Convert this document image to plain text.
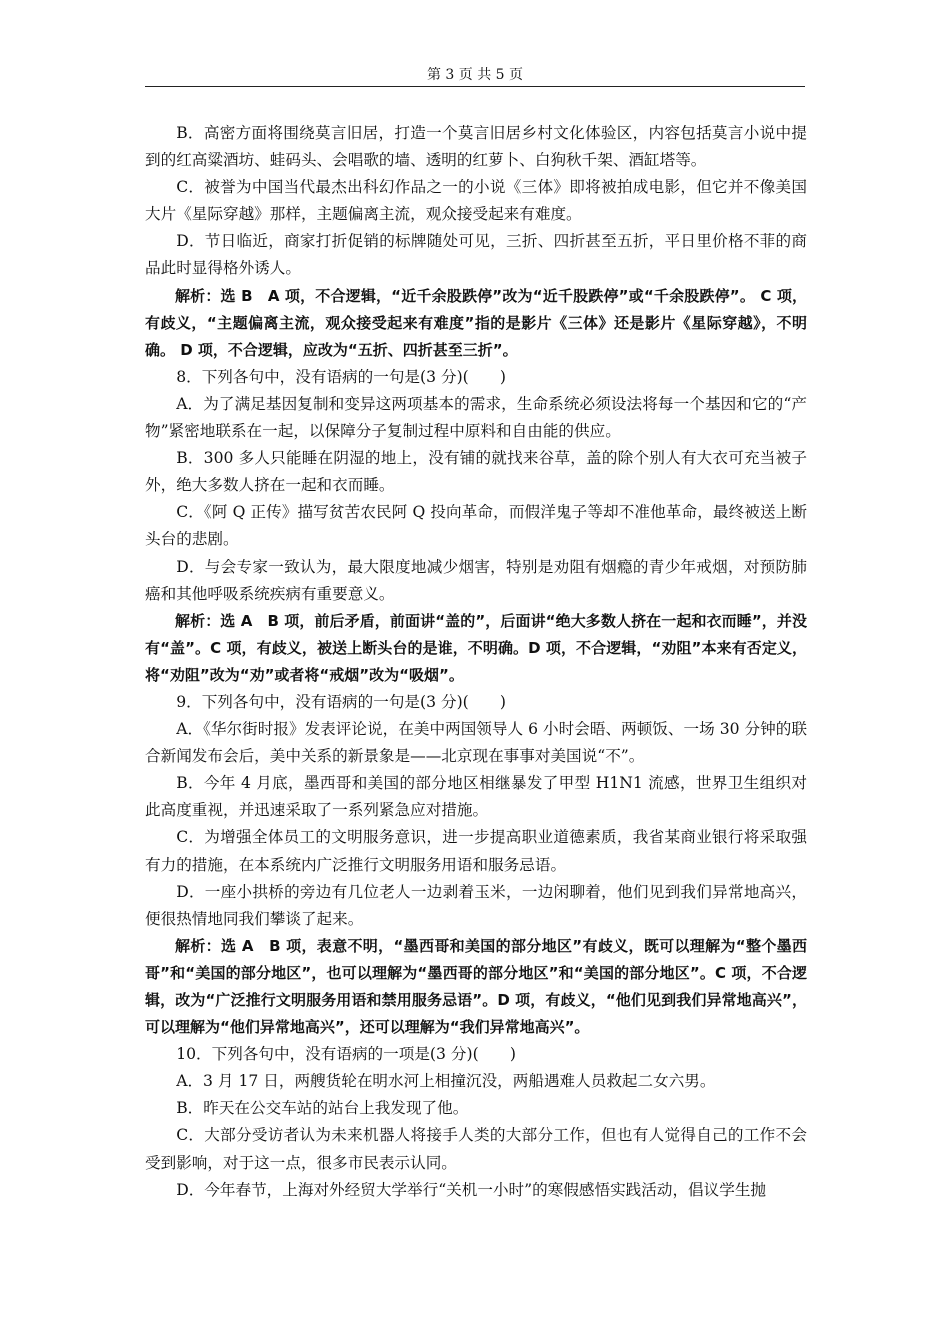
第 3 页 共 5 页

B．高密方面将围绕莫言旧居，打造一个莫言旧居乡村文化体验区，内容包括莫言小说中提到的红高粱酒坊、蛙码头、会唱歌的墙、透明的红萝卜、白狗秋千架、酒缸塔等。

C．被誉为中国当代最杰出科幻作品之一的小说《三体》即将被拍成电影，但它并不像美国大片《星际穿越》那样，主题偏离主流，观众接受起来有难度。

D．节日临近，商家打折促销的标牌随处可见，三折、四折甚至五折，平日里价格不菲的商品此时显得格外诱人。

解析：选 B　A 项，不合逻辑，“近千余股跌停”改为“近千股跌停”或“千余股跌停”。 C 项，有歧义，“主题偏离主流，观众接受起来有难度”指的是影片《三体》还是影片《星际穿越》，不明确。 D 项，不合逻辑，应改为“五折、四折甚至三折”。

8．下列各句中，没有语病的一句是(3 分)(　　)

A．为了满足基因复制和变异这两项基本的需求，生命系统必须设法将每一个基因和它的“产物”紧密地联系在一起，以保障分子复制过程中原料和自由能的供应。

B．300 多人只能睡在阴湿的地上，没有铺的就找来谷草，盖的除个别人有大衣可充当被子外，绝大多数人挤在一起和衣而睡。

C．《阿 Q 正传》描写贫苦农民阿 Q 投向革命，而假洋鬼子等却不准他革命，最终被送上断头台的悲剧。

D．与会专家一致认为，最大限度地减少烟害，特别是劝阻有烟瘾的青少年戒烟，对预防肺癌和其他呼吸系统疾病有重要意义。

解析：选 A　B 项，前后矛盾，前面讲“盖的”，后面讲“绝大多数人挤在一起和衣而睡”，并没有“盖”。C 项，有歧义，被送上断头台的是谁，不明确。D 项，不合逻辑，“劝阻”本来有否定义，将“劝阻”改为“劝”或者将“戒烟”改为“吸烟”。

9．下列各句中，没有语病的一句是(3 分)(　　)

A．《华尔街时报》发表评论说，在美中两国领导人 6 小时会晤、两顿饭、一场 30 分钟的联合新闻发布会后，美中关系的新景象是——北京现在事事对美国说“不”。

B．今年 4 月底，墨西哥和美国的部分地区相继暴发了甲型 H1N1 流感，世界卫生组织对此高度重视，并迅速采取了一系列紧急应对措施。

C．为增强全体员工的文明服务意识，进一步提高职业道德素质，我省某商业银行将采取强有力的措施，在本系统内广泛推行文明服务用语和服务忌语。

D．一座小拱桥的旁边有几位老人一边剥着玉米，一边闲聊着，他们见到我们异常地高兴，便很热情地同我们攀谈了起来。

解析：选 A　B 项，表意不明，“墨西哥和美国的部分地区”有歧义，既可以理解为“整个墨西哥”和“美国的部分地区”，也可以理解为“墨西哥的部分地区”和“美国的部分地区”。C 项，不合逻辑，改为“广泛推行文明服务用语和禁用服务忌语”。D 项，有歧义，“他们见到我们异常地高兴”，可以理解为“他们异常地高兴”，还可以理解为“我们异常地高兴”。

10．下列各句中，没有语病的一项是(3 分)(　　)

A．3 月 17 日，两艘货轮在明水河上相撞沉没，两船遇难人员救起二女六男。

B．昨天在公交车站的站台上我发现了他。

C．大部分受访者认为未来机器人将接手人类的大部分工作，但也有人觉得自己的工作不会受到影响，对于这一点，很多市民表示认同。

D．今年春节，上海对外经贸大学举行“关机一小时”的寒假感悟实践活动，倡议学生抛
